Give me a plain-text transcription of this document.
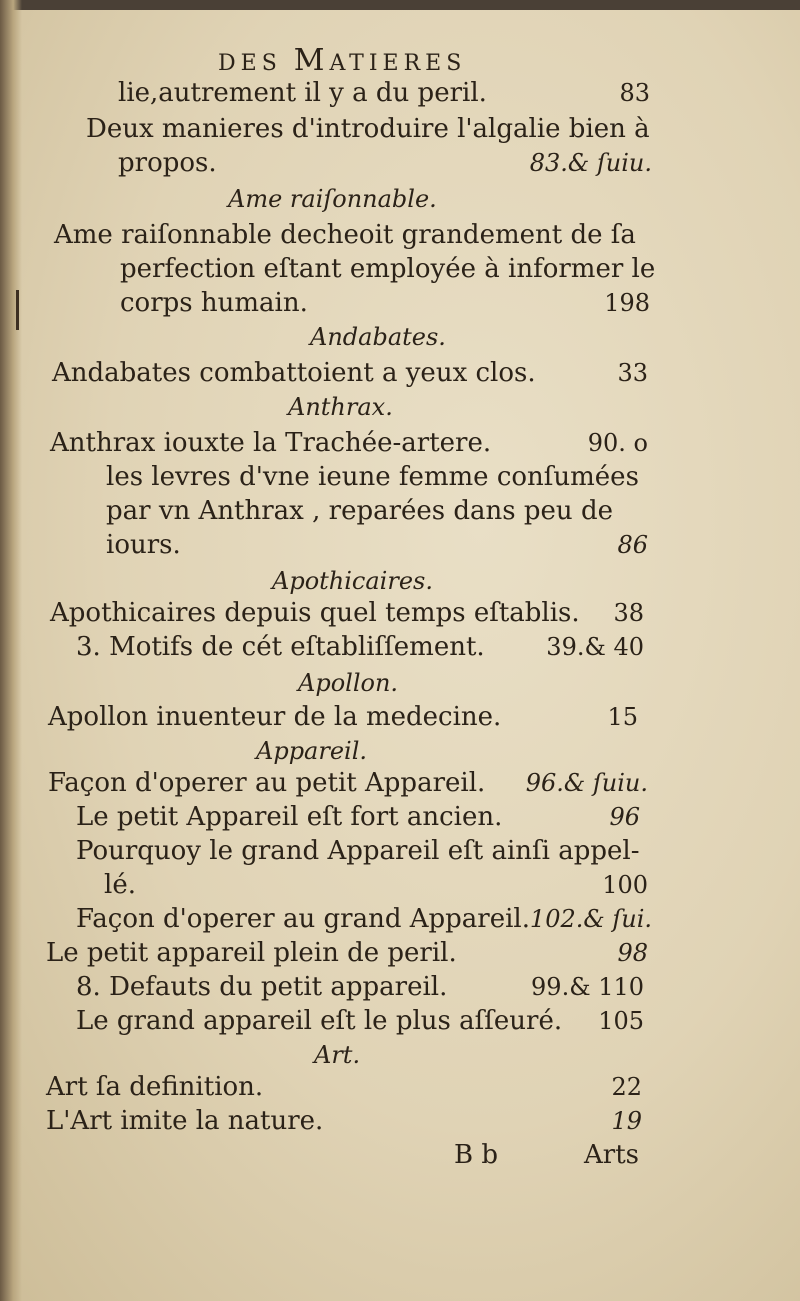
DES MATIERES
lie,autrement il y a du peril.	83
Deux manieres d'introduire l'algalie bien à
propos.	83.& ſuiu.
Ame raiſonnable.
Ame raiſonnable decheoit grandement de ſa
perfection eſtant employée à informer le
corps humain.	198
Andabates.
Andabates combattoient a yeux clos.	33
Anthrax.
Anthrax iouxte la Trachée-artere.	90. o
les levres d'vne ieune femme conſumées
par vn Anthrax , reparées dans peu de
iours.	86
Apothicaires.
Apothicaires depuis quel temps eſtablis. 38
3. Motifs de cét eſtabliſſement.	39.& 40
Apollon.
Apollon inuenteur de la medecine.	15
Appareil.
Façon d'operer au petit Appareil. 96.& ſuiu.
Le petit Appareil eſt fort ancien.	96
Pourquoy le grand Appareil eſt ainſi appel-
lé.	100
Façon d'operer au grand Appareil. 102.& ſui.
Le petit appareil plein de peril.	98
8. Defauts du petit appareil.	99.& 110
Le grand appareil eſt le plus aſſeuré. 105
Art.
Art ſa definition.	22
L'Art imite la nature.	19
B b	Arts
